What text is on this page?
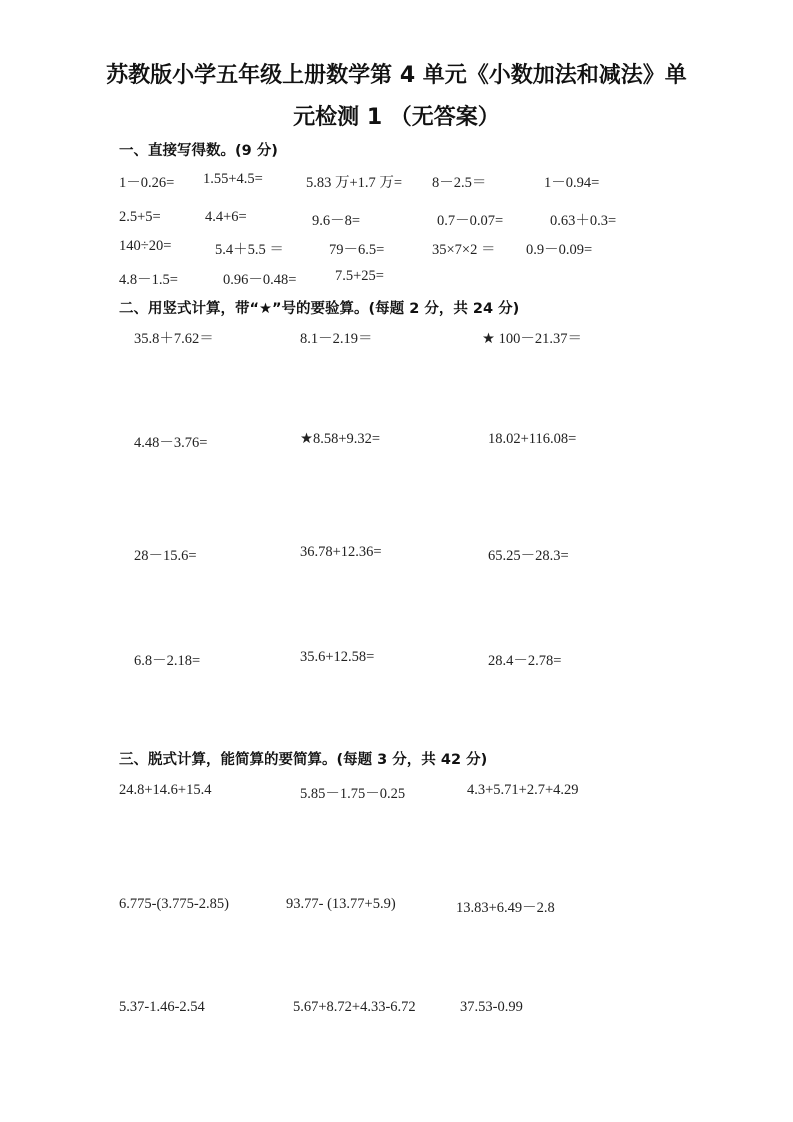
苏教版小学五年级上册数学第 4 单元《小数加法和减法》单
元检测 1 （无答案）
一、直接写得数。(9 分)
1－0.26= 1.55+4.5=	5.83 万+1.7 万= 8－2.5＝	1－0.94=
2.5+5=	4.4+6=	9.6－8=	0.7－0.07=	0.63＋0.3=
140÷20=	5.4＋5.5 ＝	79－6.5=	35×7×2 ＝ 0.9－0.09=
4.8－1.5=	0.96－0.48=	7.5+25=
二、用竖式计算，带“★”号的要验算。(每题 2 分，共 24 分)
35.8＋7.62＝	8.1－2.19＝	★ 100－21.37＝
4.48－3.76=	★8.58+9.32=	18.02+116.08=
28－15.6=	36.78+12.36=	65.25－28.3=
6.8－2.18=	35.6+12.58=	28.4－2.78=
三、脱式计算，能简算的要简算。(每题 3 分，共 42 分)
24.8+14.6+15.4	5.85－1.75－0.25	4.3+5.71+2.7+4.29
6.775-(3.775-2.85)	93.77- (13.77+5.9)	13.83+6.49－2.8
5.37-1.46-2.54	5.67+8.72+4.33-6.72	37.53-0.99
